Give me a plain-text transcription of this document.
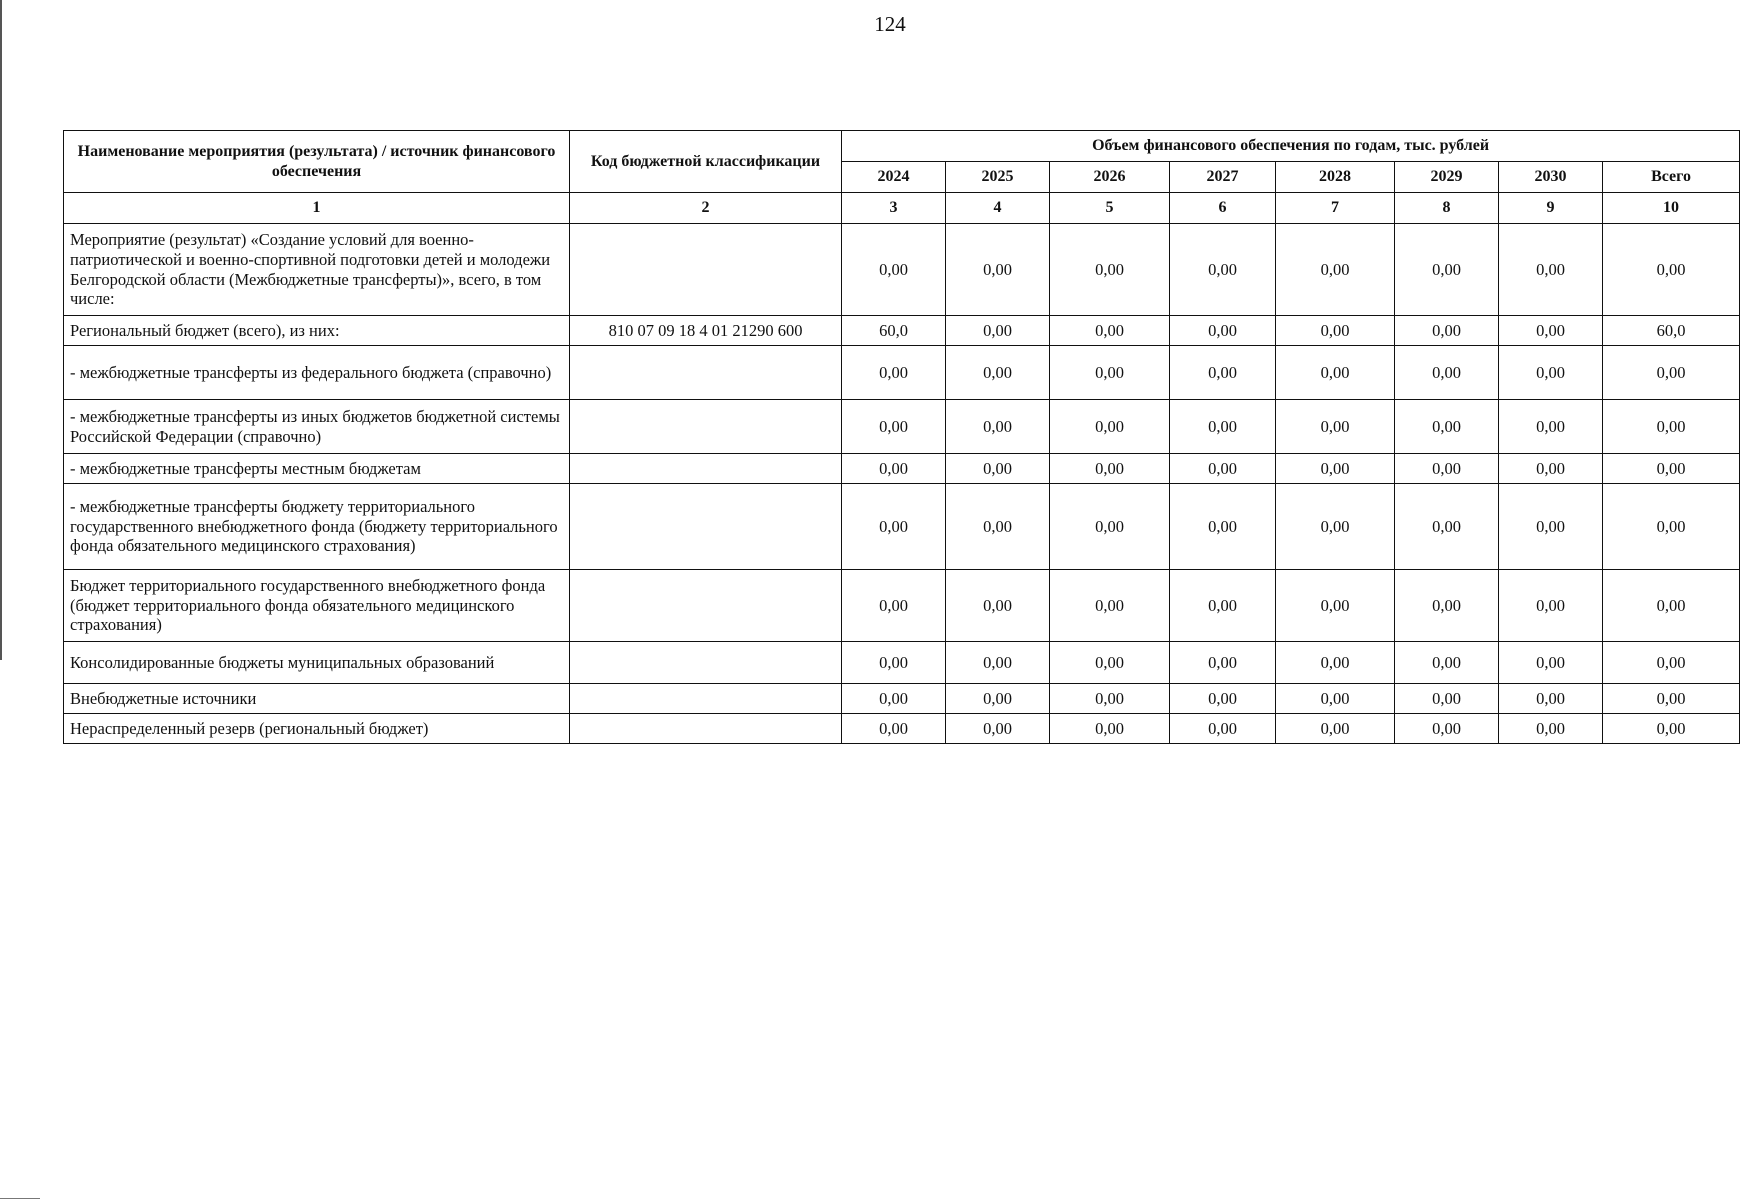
124
Наименование мероприятия (результата) / источник финансового обеспечения	Код бюджетной классификации	Объем финансового обеспечения по годам, тыс. рублей							
		2024	2025	2026	2027	2028	2029	2030	Всего
1	2	3	4	5	6	7	8	9	10
Мероприятие (результат) «Создание условий для военно-патриотической и военно-спортивной подготовки детей и молодежи Белгородской области (Межбюджетные трансферты)», всего, в том числе:		0,00	0,00	0,00	0,00	0,00	0,00	0,00	0,00
Региональный бюджет (всего), из них:	810 07 09 18 4 01 21290 600	60,0	0,00	0,00	0,00	0,00	0,00	0,00	60,0
- межбюджетные трансферты из федерального бюджета (справочно)		0,00	0,00	0,00	0,00	0,00	0,00	0,00	0,00
- межбюджетные трансферты из иных бюджетов бюджетной системы Российской Федерации (справочно)		0,00	0,00	0,00	0,00	0,00	0,00	0,00	0,00
- межбюджетные трансферты местным бюджетам		0,00	0,00	0,00	0,00	0,00	0,00	0,00	0,00
- межбюджетные трансферты бюджету территориального государственного внебюджетного фонда (бюджету территориального фонда обязательного медицинского страхования)		0,00	0,00	0,00	0,00	0,00	0,00	0,00	0,00
Бюджет территориального государственного внебюджетного фонда (бюджет территориального фонда обязательного медицинского страхования)		0,00	0,00	0,00	0,00	0,00	0,00	0,00	0,00
Консолидированные бюджеты муниципальных образований		0,00	0,00	0,00	0,00	0,00	0,00	0,00	0,00
Внебюджетные источники		0,00	0,00	0,00	0,00	0,00	0,00	0,00	0,00
Нераспределенный резерв (региональный бюджет)		0,00	0,00	0,00	0,00	0,00	0,00	0,00	0,00
